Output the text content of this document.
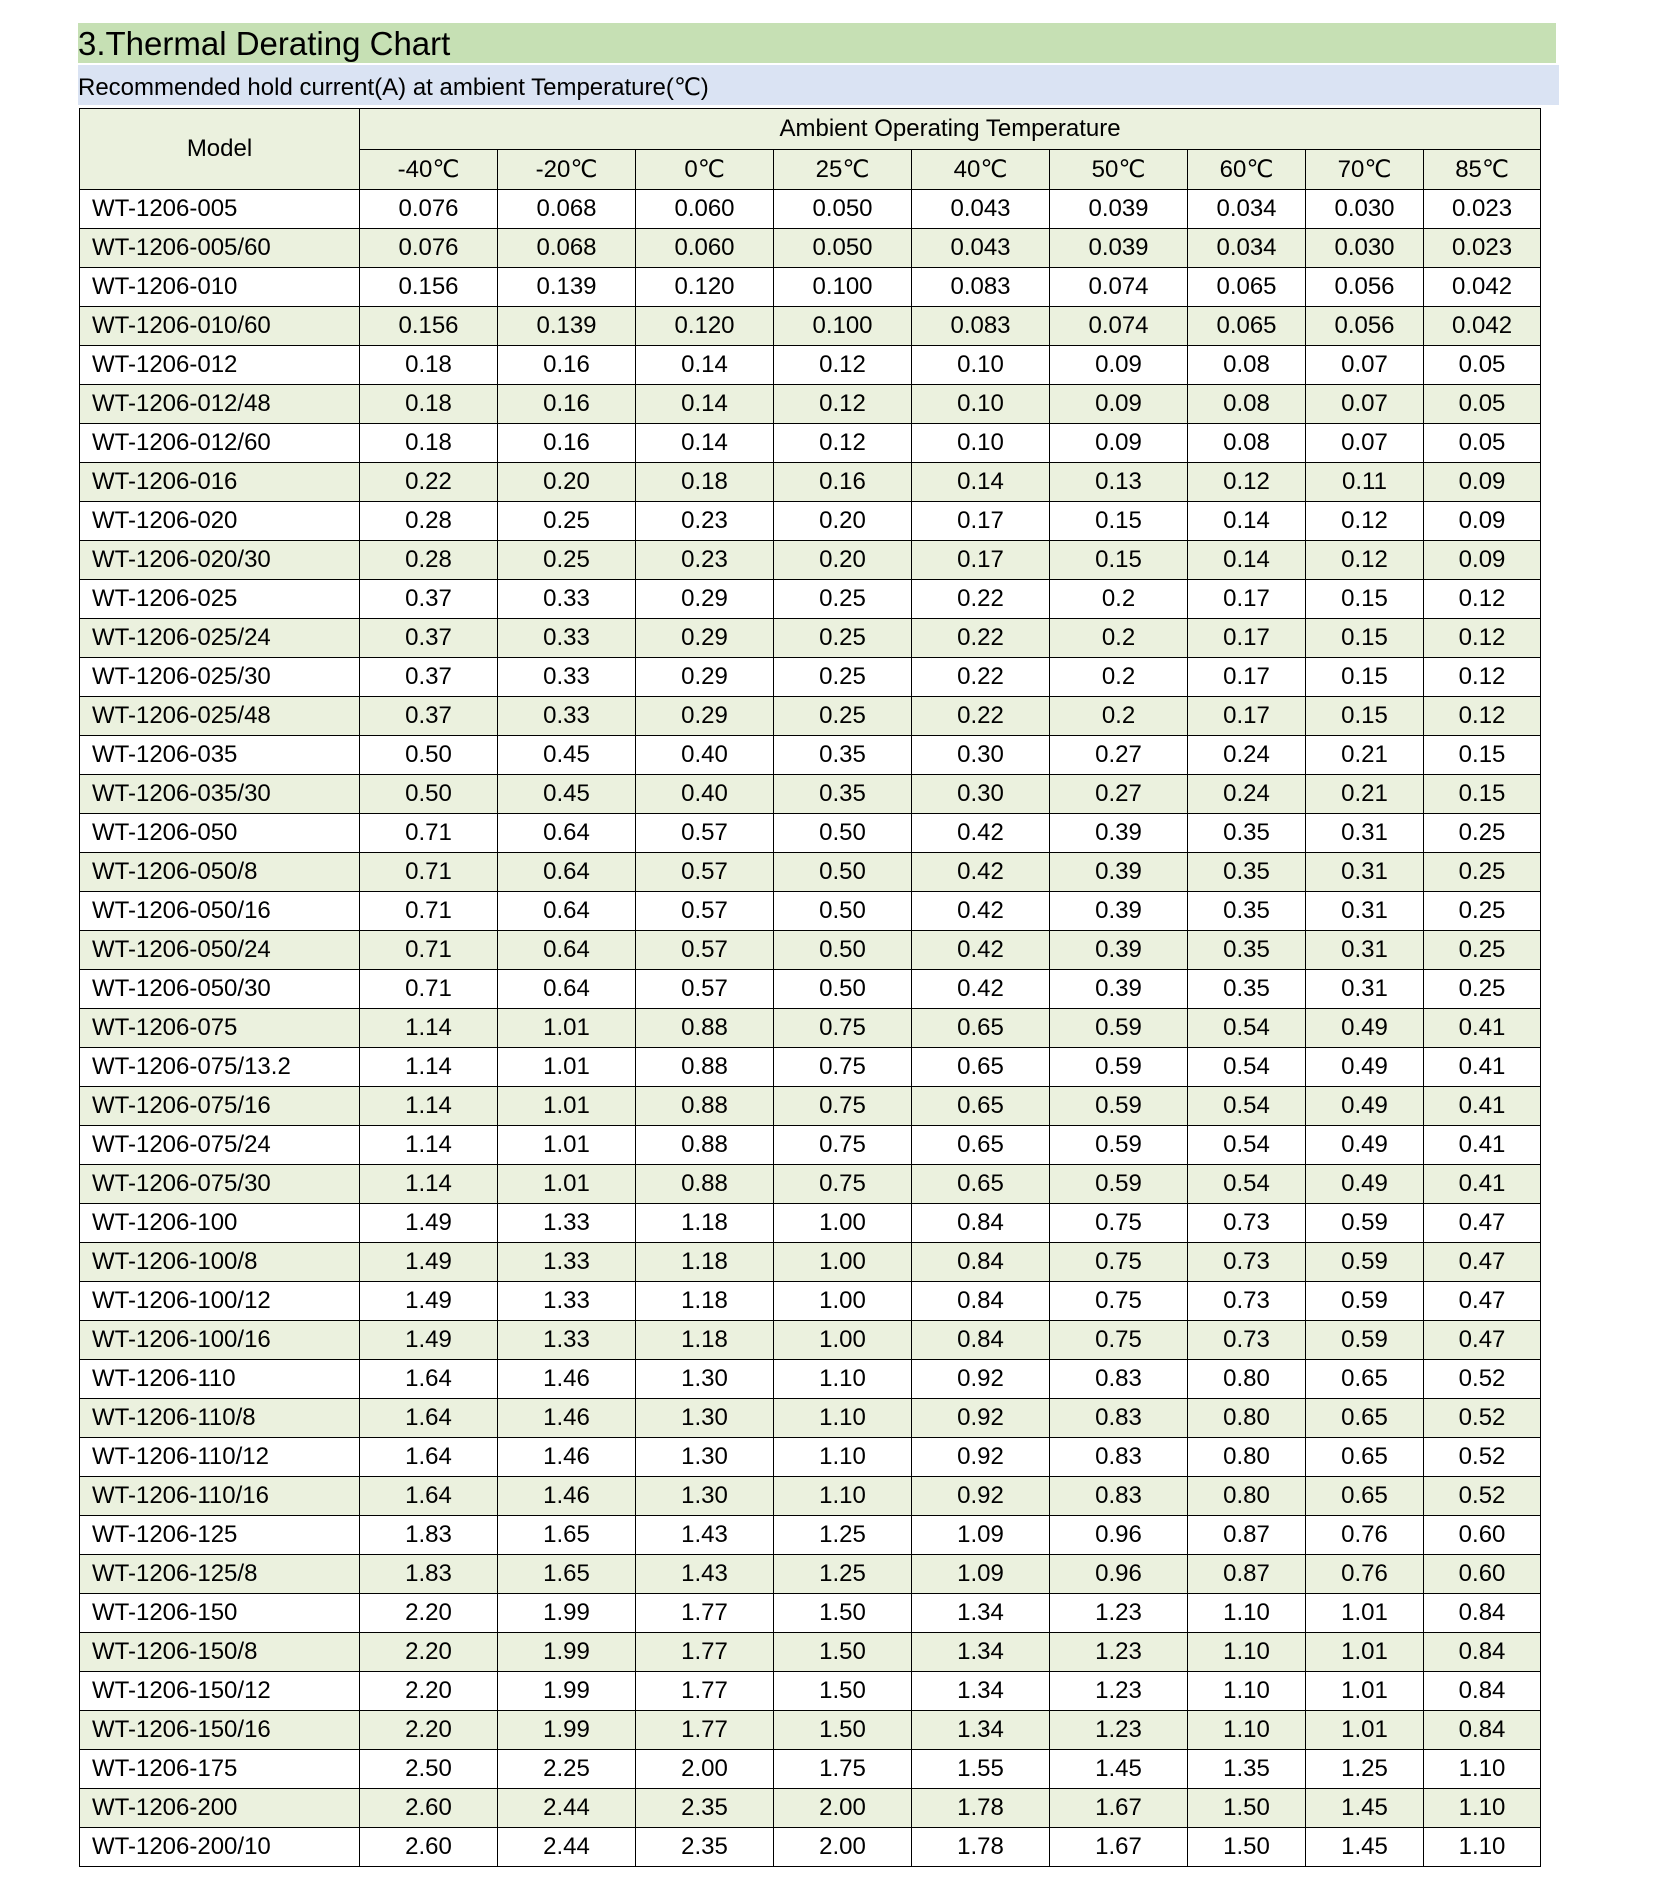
3.Thermal Derating Chart
Recommended hold current(A) at ambient Temperature(℃)
Model	Ambient Operating Temperature								
	-40℃	-20℃	0℃	25℃	40℃	50℃	60℃	70℃	85℃
WT-1206-005	0.076	0.068	0.060	0.050	0.043	0.039	0.034	0.030	0.023
WT-1206-005/60	0.076	0.068	0.060	0.050	0.043	0.039	0.034	0.030	0.023
WT-1206-010	0.156	0.139	0.120	0.100	0.083	0.074	0.065	0.056	0.042
WT-1206-010/60	0.156	0.139	0.120	0.100	0.083	0.074	0.065	0.056	0.042
WT-1206-012	0.18	0.16	0.14	0.12	0.10	0.09	0.08	0.07	0.05
WT-1206-012/48	0.18	0.16	0.14	0.12	0.10	0.09	0.08	0.07	0.05
WT-1206-012/60	0.18	0.16	0.14	0.12	0.10	0.09	0.08	0.07	0.05
WT-1206-016	0.22	0.20	0.18	0.16	0.14	0.13	0.12	0.11	0.09
WT-1206-020	0.28	0.25	0.23	0.20	0.17	0.15	0.14	0.12	0.09
WT-1206-020/30	0.28	0.25	0.23	0.20	0.17	0.15	0.14	0.12	0.09
WT-1206-025	0.37	0.33	0.29	0.25	0.22	0.2	0.17	0.15	0.12
WT-1206-025/24	0.37	0.33	0.29	0.25	0.22	0.2	0.17	0.15	0.12
WT-1206-025/30	0.37	0.33	0.29	0.25	0.22	0.2	0.17	0.15	0.12
WT-1206-025/48	0.37	0.33	0.29	0.25	0.22	0.2	0.17	0.15	0.12
WT-1206-035	0.50	0.45	0.40	0.35	0.30	0.27	0.24	0.21	0.15
WT-1206-035/30	0.50	0.45	0.40	0.35	0.30	0.27	0.24	0.21	0.15
WT-1206-050	0.71	0.64	0.57	0.50	0.42	0.39	0.35	0.31	0.25
WT-1206-050/8	0.71	0.64	0.57	0.50	0.42	0.39	0.35	0.31	0.25
WT-1206-050/16	0.71	0.64	0.57	0.50	0.42	0.39	0.35	0.31	0.25
WT-1206-050/24	0.71	0.64	0.57	0.50	0.42	0.39	0.35	0.31	0.25
WT-1206-050/30	0.71	0.64	0.57	0.50	0.42	0.39	0.35	0.31	0.25
WT-1206-075	1.14	1.01	0.88	0.75	0.65	0.59	0.54	0.49	0.41
WT-1206-075/13.2	1.14	1.01	0.88	0.75	0.65	0.59	0.54	0.49	0.41
WT-1206-075/16	1.14	1.01	0.88	0.75	0.65	0.59	0.54	0.49	0.41
WT-1206-075/24	1.14	1.01	0.88	0.75	0.65	0.59	0.54	0.49	0.41
WT-1206-075/30	1.14	1.01	0.88	0.75	0.65	0.59	0.54	0.49	0.41
WT-1206-100	1.49	1.33	1.18	1.00	0.84	0.75	0.73	0.59	0.47
WT-1206-100/8	1.49	1.33	1.18	1.00	0.84	0.75	0.73	0.59	0.47
WT-1206-100/12	1.49	1.33	1.18	1.00	0.84	0.75	0.73	0.59	0.47
WT-1206-100/16	1.49	1.33	1.18	1.00	0.84	0.75	0.73	0.59	0.47
WT-1206-110	1.64	1.46	1.30	1.10	0.92	0.83	0.80	0.65	0.52
WT-1206-110/8	1.64	1.46	1.30	1.10	0.92	0.83	0.80	0.65	0.52
WT-1206-110/12	1.64	1.46	1.30	1.10	0.92	0.83	0.80	0.65	0.52
WT-1206-110/16	1.64	1.46	1.30	1.10	0.92	0.83	0.80	0.65	0.52
WT-1206-125	1.83	1.65	1.43	1.25	1.09	0.96	0.87	0.76	0.60
WT-1206-125/8	1.83	1.65	1.43	1.25	1.09	0.96	0.87	0.76	0.60
WT-1206-150	2.20	1.99	1.77	1.50	1.34	1.23	1.10	1.01	0.84
WT-1206-150/8	2.20	1.99	1.77	1.50	1.34	1.23	1.10	1.01	0.84
WT-1206-150/12	2.20	1.99	1.77	1.50	1.34	1.23	1.10	1.01	0.84
WT-1206-150/16	2.20	1.99	1.77	1.50	1.34	1.23	1.10	1.01	0.84
WT-1206-175	2.50	2.25	2.00	1.75	1.55	1.45	1.35	1.25	1.10
WT-1206-200	2.60	2.44	2.35	2.00	1.78	1.67	1.50	1.45	1.10
WT-1206-200/10	2.60	2.44	2.35	2.00	1.78	1.67	1.50	1.45	1.10
